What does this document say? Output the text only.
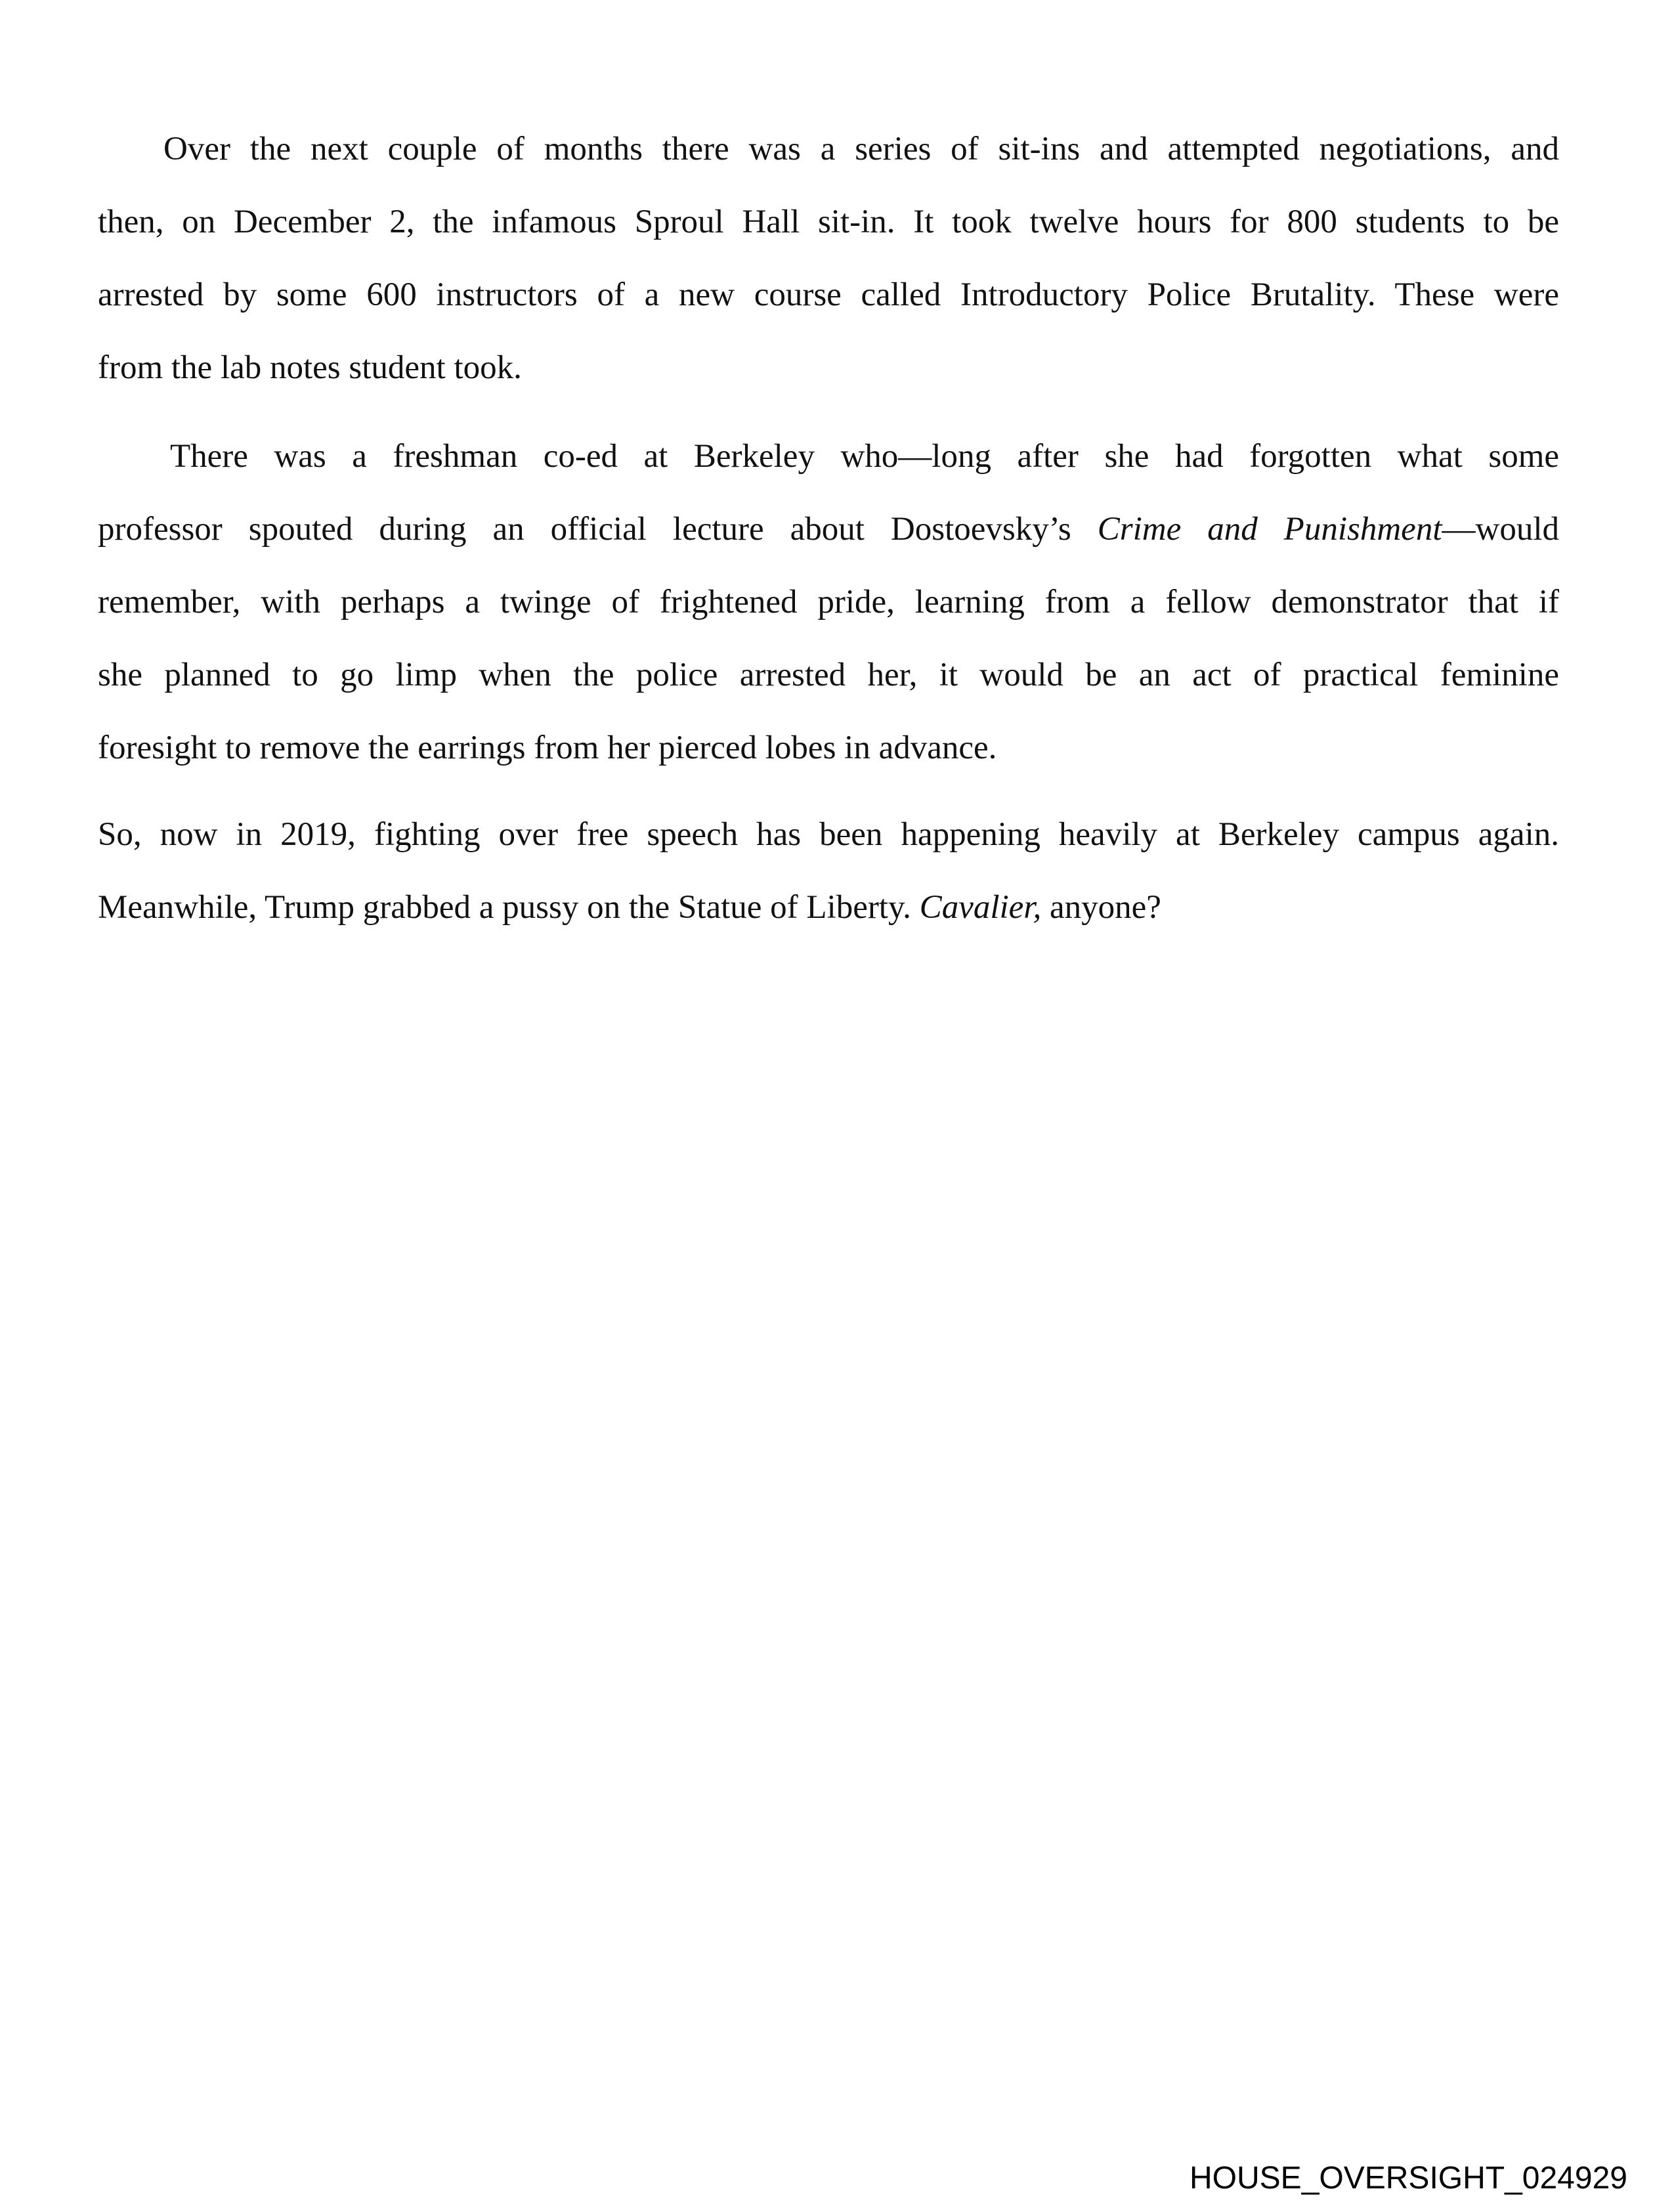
Over the next couple of months there was a series of sit-ins and attempted negotiations, and
then, on December 2, the infamous Sproul Hall sit-in. It took twelve hours for 800 students to be
arrested by some 600 instructors of a new course called Introductory Police Brutality. These were
from the lab notes student took.
There was a freshman co-ed at Berkeley who—long after she had forgotten what some
professor spouted during an official lecture about Dostoevsky’s Crime and Punishment—would
remember, with perhaps a twinge of frightened pride, learning from a fellow demonstrator that if
she planned to go limp when the police arrested her, it would be an act of practical feminine
foresight to remove the earrings from her pierced lobes in advance.
So, now in 2019, fighting over free speech has been happening heavily at Berkeley campus again.
Meanwhile, Trump grabbed a pussy on the Statue of Liberty. Cavalier, anyone?
HOUSE_OVERSIGHT_024929
